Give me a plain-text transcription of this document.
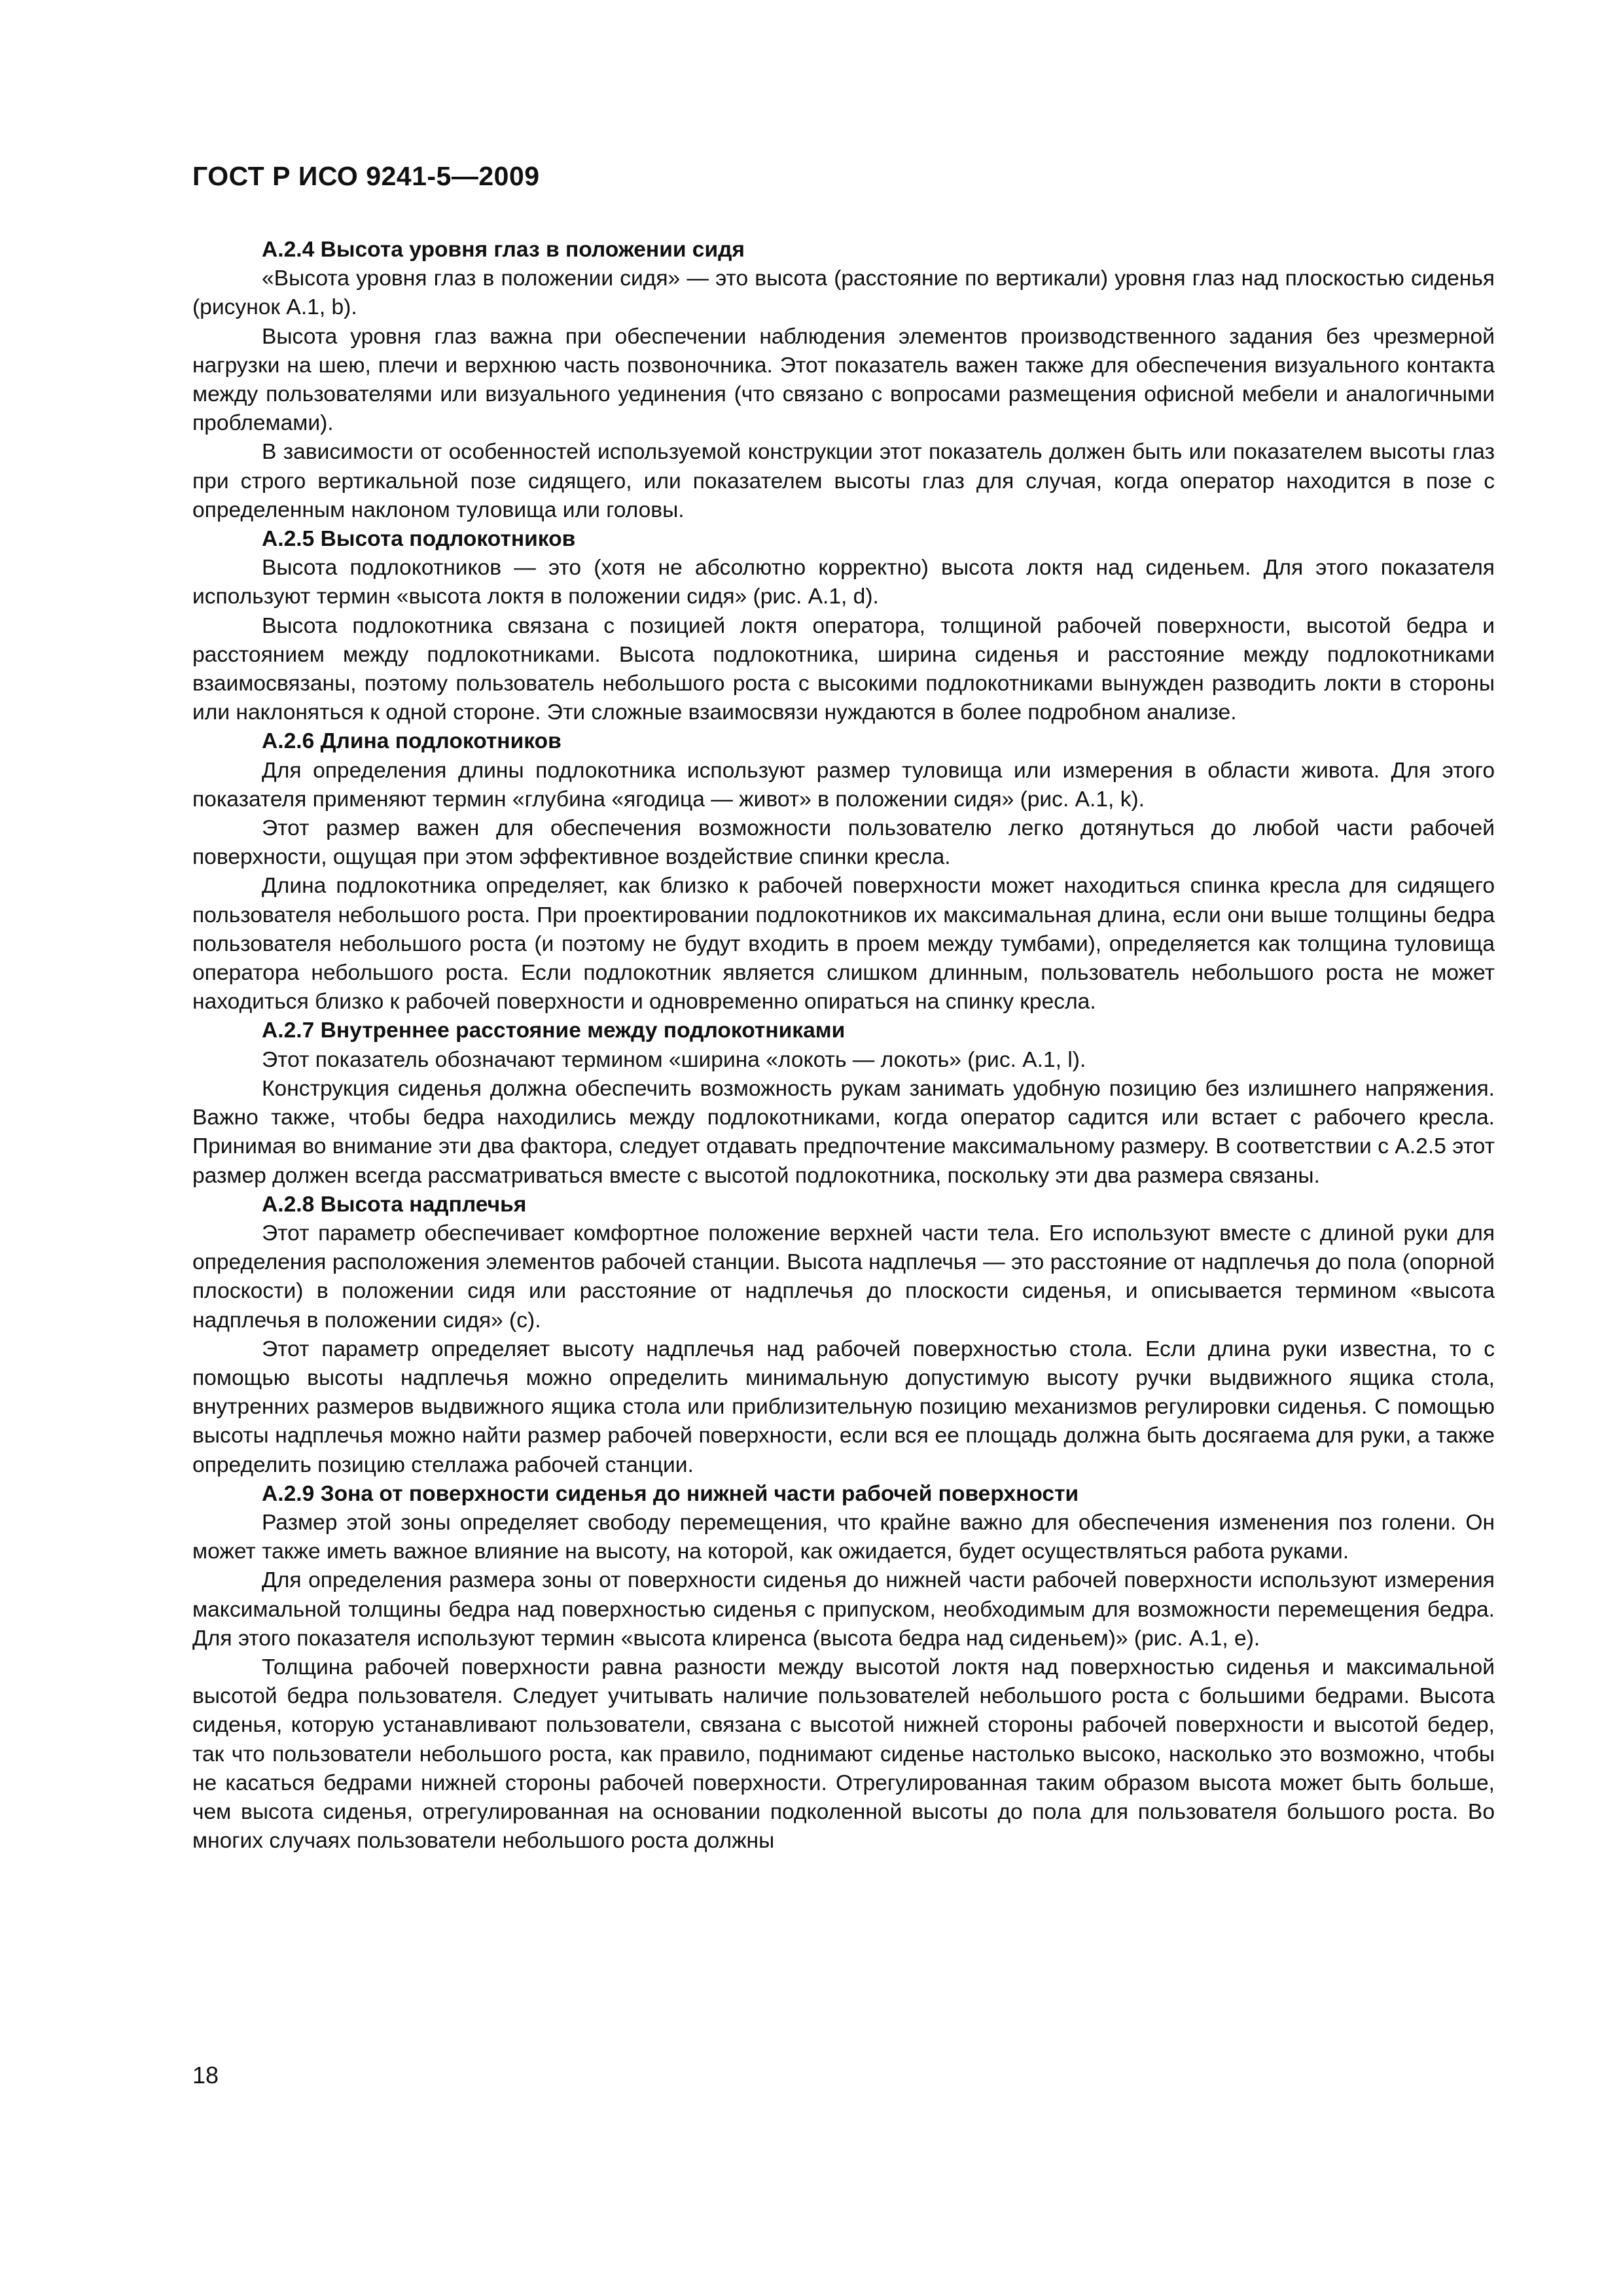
ГОСТ Р ИСО 9241-5—2009
А.2.4 Высота уровня глаз в положении сидя

«Высота уровня глаз в положении сидя» — это высота (расстояние по вертикали) уровня глаз над плоскостью сиденья (рисунок А.1, b).

Высота уровня глаз важна при обеспечении наблюдения элементов производственного задания без чрезмерной нагрузки на шею, плечи и верхнюю часть позвоночника. Этот показатель важен также для обеспечения визуального контакта между пользователями или визуального уединения (что связано с вопросами размещения офисной мебели и аналогичными проблемами).

В зависимости от особенностей используемой конструкции этот показатель должен быть или показателем высоты глаз при строго вертикальной позе сидящего, или показателем высоты глаз для случая, когда оператор находится в позе с определенным наклоном туловища или головы.

А.2.5 Высота подлокотников

Высота подлокотников — это (хотя не абсолютно корректно) высота локтя над сиденьем. Для этого показателя используют термин «высота локтя в положении сидя» (рис. А.1, d).

Высота подлокотника связана с позицией локтя оператора, толщиной рабочей поверхности, высотой бедра и расстоянием между подлокотниками. Высота подлокотника, ширина сиденья и расстояние между подлокотниками взаимосвязаны, поэтому пользователь небольшого роста с высокими подлокотниками вынужден разводить локти в стороны или наклоняться к одной стороне. Эти сложные взаимосвязи нуждаются в более подробном анализе.

А.2.6 Длина подлокотников

Для определения длины подлокотника используют размер туловища или измерения в области живота. Для этого показателя применяют термин «глубина «ягодица — живот» в положении сидя» (рис. А.1, k).

Этот размер важен для обеспечения возможности пользователю легко дотянуться до любой части рабочей поверхности, ощущая при этом эффективное воздействие спинки кресла.

Длина подлокотника определяет, как близко к рабочей поверхности может находиться спинка кресла для сидящего пользователя небольшого роста. При проектировании подлокотников их максимальная длина, если они выше толщины бедра пользователя небольшого роста (и поэтому не будут входить в проем между тумбами), определяется как толщина туловища оператора небольшого роста. Если подлокотник является слишком длинным, пользователь небольшого роста не может находиться близко к рабочей поверхности и одновременно опираться на спинку кресла.

А.2.7 Внутреннее расстояние между подлокотниками

Этот показатель обозначают термином «ширина «локоть — локоть» (рис. А.1, l).

Конструкция сиденья должна обеспечить возможность рукам занимать удобную позицию без излишнего напряжения. Важно также, чтобы бедра находились между подлокотниками, когда оператор садится или встает с рабочего кресла. Принимая во внимание эти два фактора, следует отдавать предпочтение максимальному размеру. В соответствии с А.2.5 этот размер должен всегда рассматриваться вместе с высотой подлокотника, поскольку эти два размера связаны.

А.2.8 Высота надплечья

Этот параметр обеспечивает комфортное положение верхней части тела. Его используют вместе с длиной руки для определения расположения элементов рабочей станции. Высота надплечья — это расстояние от надплечья до пола (опорной плоскости) в положении сидя или расстояние от надплечья до плоскости сиденья, и описывается термином «высота надплечья в положении сидя» (с).

Этот параметр определяет высоту надплечья над рабочей поверхностью стола. Если длина руки известна, то с помощью высоты надплечья можно определить минимальную допустимую высоту ручки выдвижного ящика стола, внутренних размеров выдвижного ящика стола или приблизительную позицию механизмов регулировки сиденья. С помощью высоты надплечья можно найти размер рабочей поверхности, если вся ее площадь должна быть досягаема для руки, а также определить позицию стеллажа рабочей станции.

А.2.9 Зона от поверхности сиденья до нижней части рабочей поверхности

Размер этой зоны определяет свободу перемещения, что крайне важно для обеспечения изменения поз голени. Он может также иметь важное влияние на высоту, на которой, как ожидается, будет осуществляться работа руками.

Для определения размера зоны от поверхности сиденья до нижней части рабочей поверхности используют измерения максимальной толщины бедра над поверхностью сиденья с припуском, необходимым для возможности перемещения бедра. Для этого показателя используют термин «высота клиренса (высота бедра над сиденьем)» (рис. А.1, e).

Толщина рабочей поверхности равна разности между высотой локтя над поверхностью сиденья и максимальной высотой бедра пользователя. Следует учитывать наличие пользователей небольшого роста с большими бедрами. Высота сиденья, которую устанавливают пользователи, связана с высотой нижней стороны рабочей поверхности и высотой бедер, так что пользователи небольшого роста, как правило, поднимают сиденье настолько высоко, насколько это возможно, чтобы не касаться бедрами нижней стороны рабочей поверхности. Отрегулированная таким образом высота может быть больше, чем высота сиденья, отрегулированная на основании подколенной высоты до пола для пользователя большого роста. Во многих случаях пользователи небольшого роста должны

18
